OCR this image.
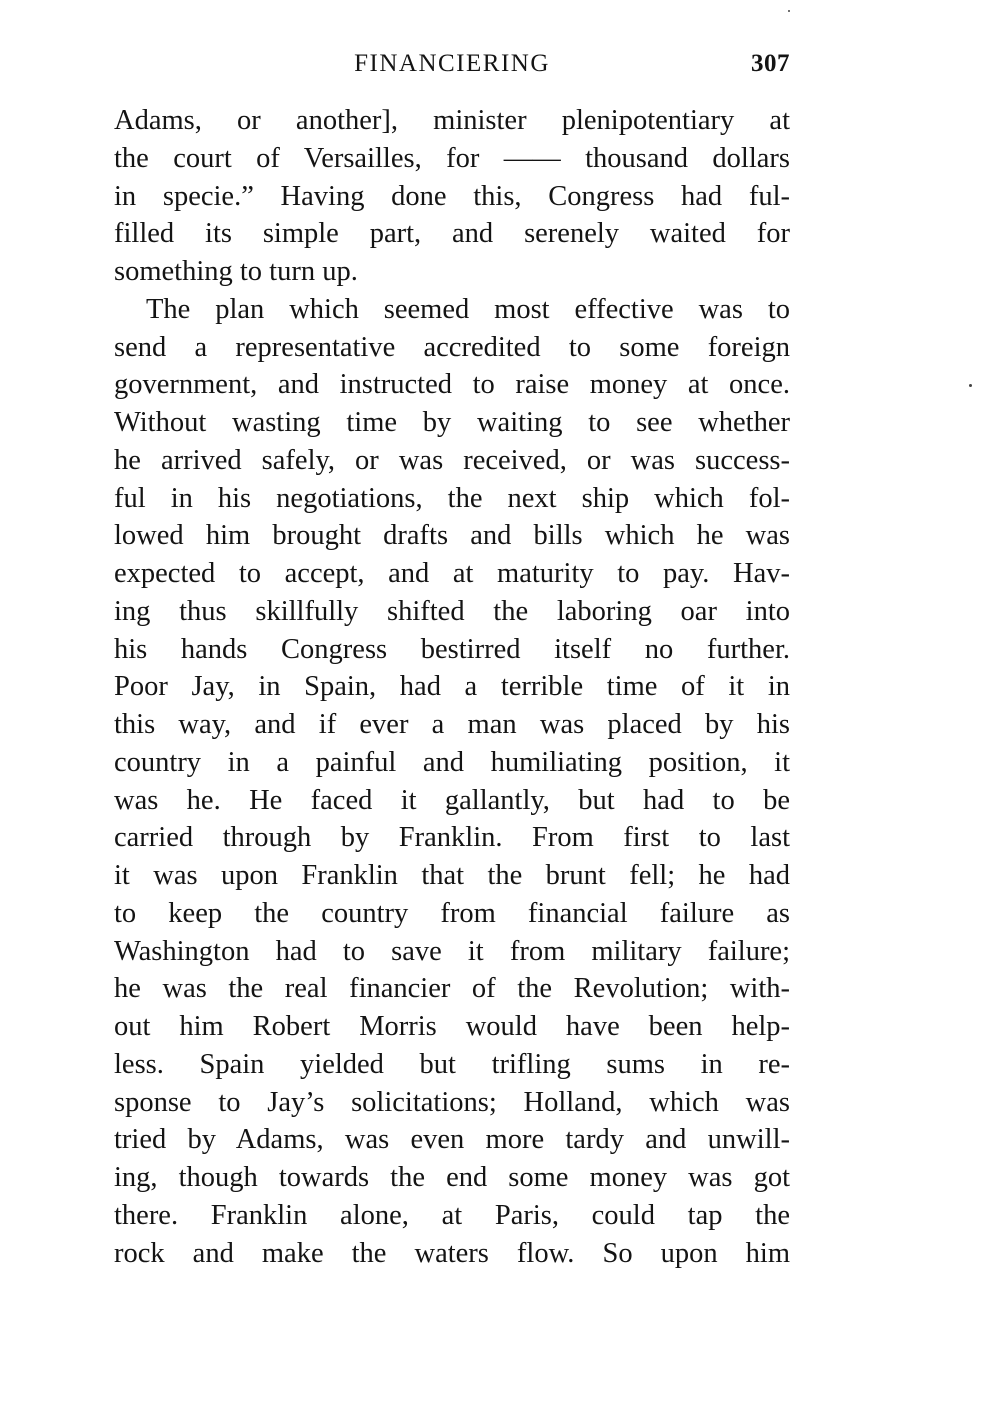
FINANCIERING	307
Adams, or another], minister plenipotentiary at
the court of Versailles, for —— thousand dollars
in specie.” Having done this, Congress had ful-
filled its simple part, and serenely waited for
something to turn up.
The plan which seemed most effective was to
send a representative accredited to some foreign
government, and instructed to raise money at once.
Without wasting time by waiting to see whether
he arrived safely, or was received, or was success-
ful in his negotiations, the next ship which fol-
lowed him brought drafts and bills which he was
expected to accept, and at maturity to pay. Hav-
ing thus skillfully shifted the laboring oar into
his hands Congress bestirred itself no further.
Poor Jay, in Spain, had a terrible time of it in
this way, and if ever a man was placed by his
country in a painful and humiliating position, it
was he. He faced it gallantly, but had to be
carried through by Franklin. From first to last
it was upon Franklin that the brunt fell; he had
to keep the country from financial failure as
Washington had to save it from military failure;
he was the real financier of the Revolution; with-
out him Robert Morris would have been help-
less. Spain yielded but trifling sums in re-
sponse to Jay’s solicitations; Holland, which was
tried by Adams, was even more tardy and unwill-
ing, though towards the end some money was got
there. Franklin alone, at Paris, could tap the
rock and make the waters flow. So upon him
